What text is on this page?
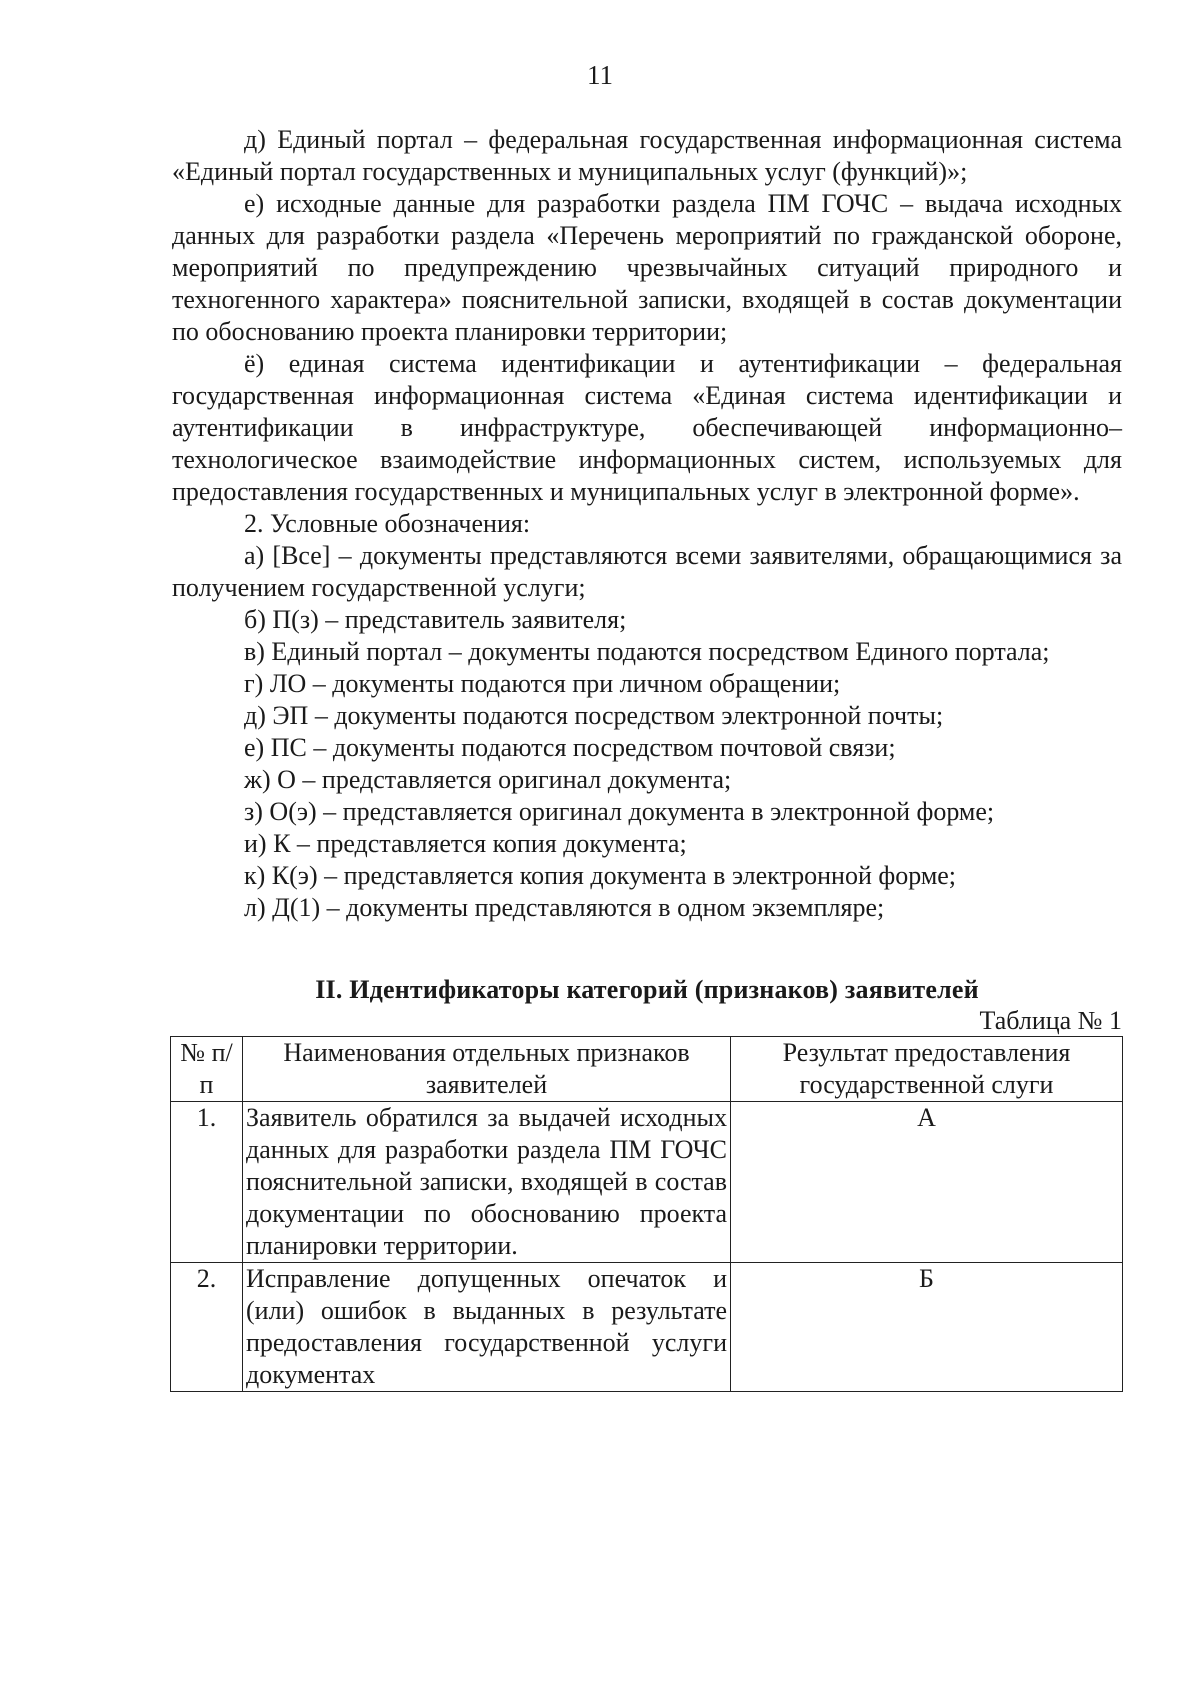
11

д) Единый портал – федеральная государственная информационная система «Единый портал государственных и муниципальных услуг (функций)»;

е) исходные данные для разработки раздела ПМ ГОЧС – выдача исходных данных для разработки раздела «Перечень мероприятий по гражданской обороне, мероприятий по предупреждению чрезвычайных ситуаций природного и техногенного характера» пояснительной записки, входящей в состав документации по обоснованию проекта планировки территории;

ё) единая система идентификации и аутентификации – федеральная государственная информационная система «Единая система идентификации и аутентификации в инфраструктуре, обеспечивающей информационно–технологическое взаимодействие информационных систем, используемых для предоставления государственных и муниципальных услуг в электронной форме».

2. Условные обозначения:

а) [Все] – документы представляются всеми заявителями, обращающимися за получением государственной услуги;

б) П(з) – представитель заявителя;

в) Единый портал – документы подаются посредством Единого портала;

г) ЛО – документы подаются при личном обращении;

д) ЭП – документы подаются посредством электронной почты;

е) ПС – документы подаются посредством почтовой связи;

ж) О – представляется оригинал документа;

з) О(э) – представляется оригинал документа в электронной форме;

и) К – представляется копия документа;

к) К(э) – представляется копия документа в электронной форме;

л) Д(1) – документы представляются в одном экземпляре;

II. Идентификаторы категорий (признаков) заявителей

Таблица № 1

№ п/п	Наименования отдельных признаков заявителей	Результат предоставления государственной слуги
1.	Заявитель обратился за выдачей исходных данных для разработки раздела ПМ ГОЧС пояснительной записки, входящей в состав документации по обоснованию проекта планировки территории.	А
2.	Исправление допущенных опечаток и (или) ошибок в выданных в результате предоставления государственной услуги документах	Б
